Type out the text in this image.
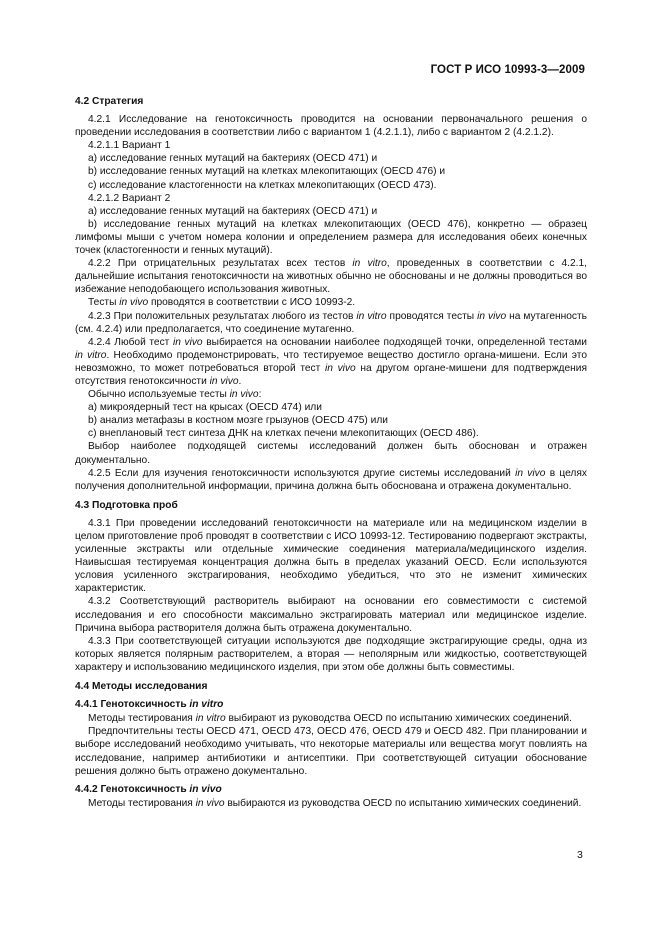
ГОСТ Р ИСО 10993-3—2009

4.2 Стратегия

4.2.1 Исследование на генотоксичность проводится на основании первоначального решения о проведении исследования в соответствии либо с вариантом 1 (4.2.1.1), либо с вариантом 2 (4.2.1.2).

4.2.1.1 Вариант 1

a) исследование генных мутаций на бактериях (OECD 471) и

b) исследование генных мутаций на клетках млекопитающих (OECD 476) и

c) исследование кластогенности на клетках млекопитающих (OECD 473).

4.2.1.2 Вариант 2

a) исследование генных мутаций на бактериях (OECD 471) и

b) исследование генных мутаций на клетках млекопитающих (OECD 476), конкретно — образец лимфомы мыши с учетом номера колонии и определением размера для исследования обеих конечных точек (кластогенности и генных мутаций).

4.2.2 При отрицательных результатах всех тестов in vitro, проведенных в соответствии с 4.2.1, дальнейшие испытания генотоксичности на животных обычно не обоснованы и не должны проводиться во избежание неподобающего использования животных.

Тесты in vivo проводятся в соответствии с ИСО 10993-2.

4.2.3 При положительных результатах любого из тестов in vitro проводятся тесты in vivo на мутагенность (см. 4.2.4) или предполагается, что соединение мутагенно.

4.2.4 Любой тест in vivo выбирается на основании наиболее подходящей точки, определенной тестами in vitro. Необходимо продемонстрировать, что тестируемое вещество достигло органа-мишени. Если это невозможно, то может потребоваться второй тест in vivo на другом органе-мишени для подтверждения отсутствия генотоксичности in vivo.

Обычно используемые тесты in vivo:

a) микроядерный тест на крысах (OECD 474) или

b) анализ метафазы в костном мозге грызунов (OECD 475) или

c) внеплановый тест синтеза ДНК на клетках печени млекопитающих (OECD 486).

Выбор наиболее подходящей системы исследований должен быть обоснован и отражен документально.

4.2.5 Если для изучения генотоксичности используются другие системы исследований in vivo в целях получения дополнительной информации, причина должна быть обоснована и отражена документально.

4.3 Подготовка проб

4.3.1 При проведении исследований генотоксичности на материале или на медицинском изделии в целом приготовление проб проводят в соответствии с ИСО 10993-12. Тестированию подвергают экстракты, усиленные экстракты или отдельные химические соединения материала/медицинского изделия. Наивысшая тестируемая концентрация должна быть в пределах указаний OECD. Если используются условия усиленного экстрагирования, необходимо убедиться, что это не изменит химических характеристик.

4.3.2 Соответствующий растворитель выбирают на основании его совместимости с системой исследования и его способности максимально экстрагировать материал или медицинское изделие. Причина выбора растворителя должна быть отражена документально.

4.3.3 При соответствующей ситуации используются две подходящие экстрагирующие среды, одна из которых является полярным растворителем, а вторая — неполярным или жидкостью, соответствующей характеру и использованию медицинского изделия, при этом обе должны быть совместимы.

4.4 Методы исследования

4.4.1 Генотоксичность in vitro

Методы тестирования in vitro выбирают из руководства OECD по испытанию химических соединений.

Предпочтительны тесты OECD 471, OECD 473, OECD 476, OECD 479 и OECD 482. При планировании и выборе исследований необходимо учитывать, что некоторые материалы или вещества могут повлиять на исследование, например антибиотики и антисептики. При соответствующей ситуации обоснование решения должно быть отражено документально.

4.4.2 Генотоксичность in vivo

Методы тестирования in vivo выбираются из руководства OECD по испытанию химических соединений.

3
